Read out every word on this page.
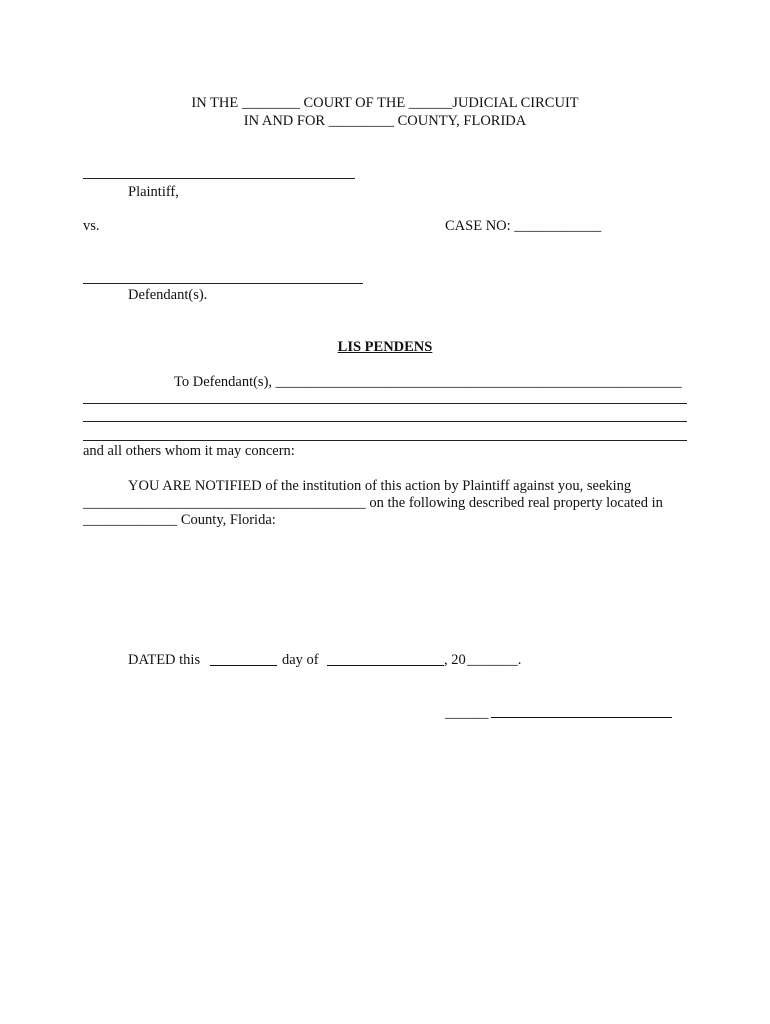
IN THE ________ COURT OF THE ______JUDICIAL CIRCUIT
IN AND FOR _________ COUNTY, FLORIDA
Plaintiff,
vs.	CASE NO: ____________
Defendant(s).
LIS PENDENS
To Defendant(s), ________________________________________________________
and all others whom it may concern:
YOU ARE NOTIFIED of the institution of this action by Plaintiff against you, seeking
_______________________________________ on the following described real property located in
_____________ County, Florida:
DATED this	day of	, 20 _______.
______
